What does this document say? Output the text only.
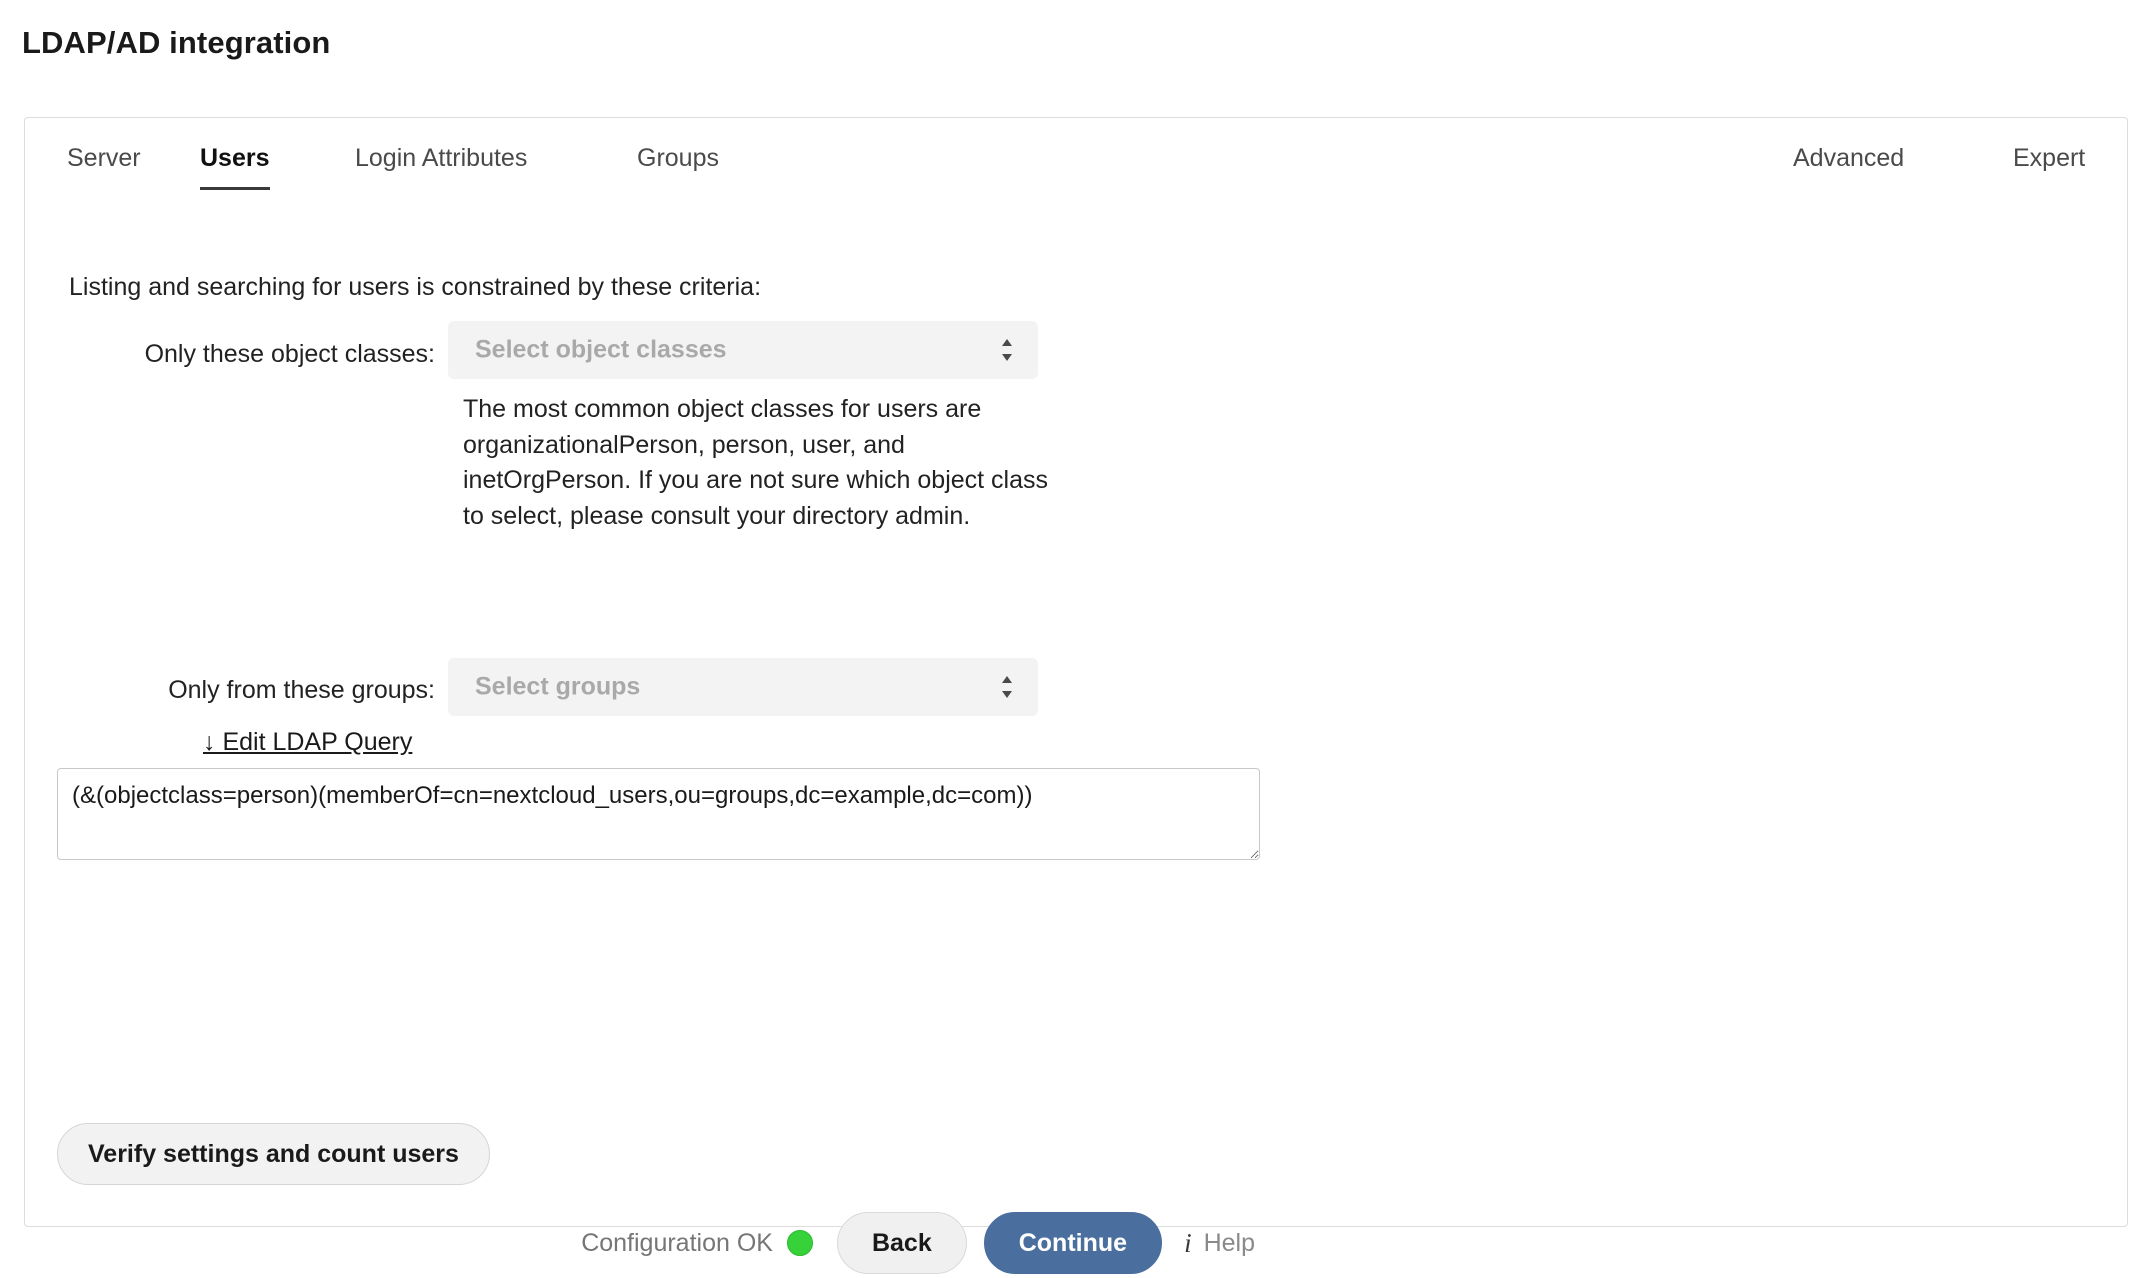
LDAP/AD integration
Server Users	Login Attributes	Groups	Advanced	Expert
Listing and searching for users is constrained by these criteria:
Only these object classes: Select object classes
The most common object classes for users are organizationalPerson, person, user, and inetOrgPerson. If you are not sure which object class to select, please consult your directory admin.
Only from these groups: Select groups
↓ Edit LDAP Query
(&(objectclass=person)(memberOf=cn=nextcloud_users,ou=groups,dc=example,dc=com))
Verify settings and count users
Configuration OK	Back	Continue	i Help
